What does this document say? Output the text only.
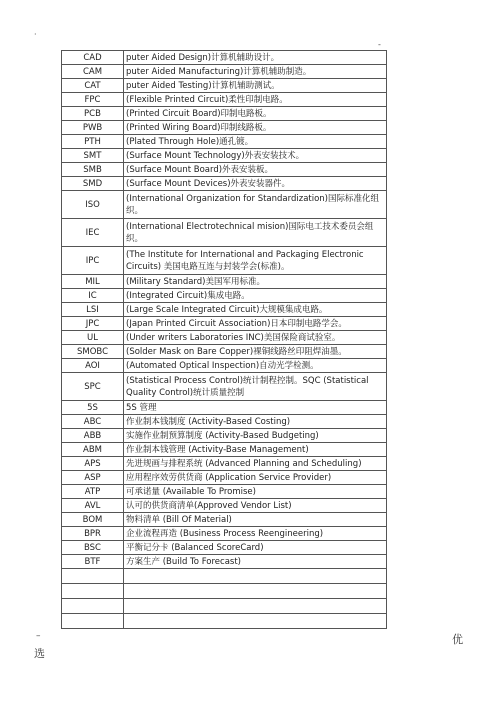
·
-
CAD	puter Aided Design)计算机辅助设计。
CAM	puter Aided Manufacturing)计算机辅助制造。
CAT	puter Aided Testing)计算机辅助测试。
FPC	(Flexible Printed Circuit)柔性印制电路。
PCB	(Printed Circuit Board)印制电路板。
PWB	(Printed Wiring Board)印制线路板。
PTH	(Plated Through Hole)通孔镀。
SMT	(Surface Mount Technology)外表安装技术。
SMB	(Surface Mount Board)外表安装板。
SMD	(Surface Mount Devices)外表安装器件。
ISO	(International Organization for Standardization)国际标准化组织。
IEC	(International Electrotechnical mision)国际电工技术委员会组织。
IPC	(The Institute for International and Packaging Electronic Circuits) 美国电路互连与封装学会(标准)。
MIL	(Military Standard)美国军用标准。
IC	(Integrated Circuit)集成电路。
LSI	(Large Scale Integrated Circuit)大规模集成电路。
JPC	(Japan Printed Circuit Association)日本印制电路学会。
UL	(Under writers Laboratories INC)美国保险商试验室。
SMOBC	(Solder Mask on Bare Copper)裸铜线路丝印阻焊油墨。
AOI	(Automated Optical Inspection)自动光学检测。
SPC	(Statistical Process Control)统计制程控制。SQC (Statistical Quality Control)统计质量控制
5S	5S 管理
ABC	作业制本钱制度 (Activity-Based Costing)
ABB	实施作业制预算制度 (Activity-Based Budgeting)
ABM	作业制本钱管理 (Activity-Base Management)
APS	先进规画与排程系统 (Advanced Planning and Scheduling)
ASP	应用程序效劳供货商 (Application Service Provider)
ATP	可承诺量 (Available To Promise)
AVL	认可的供货商清单(Approved Vendor List)
BOM	物料清单 (Bill Of Material)
BPR	企业流程再造 (Business Process Reengineering)
BSC	平衡记分卡 (Balanced ScoreCard)
BTF	方案生产 (Build To Forecast)

–
选
优
